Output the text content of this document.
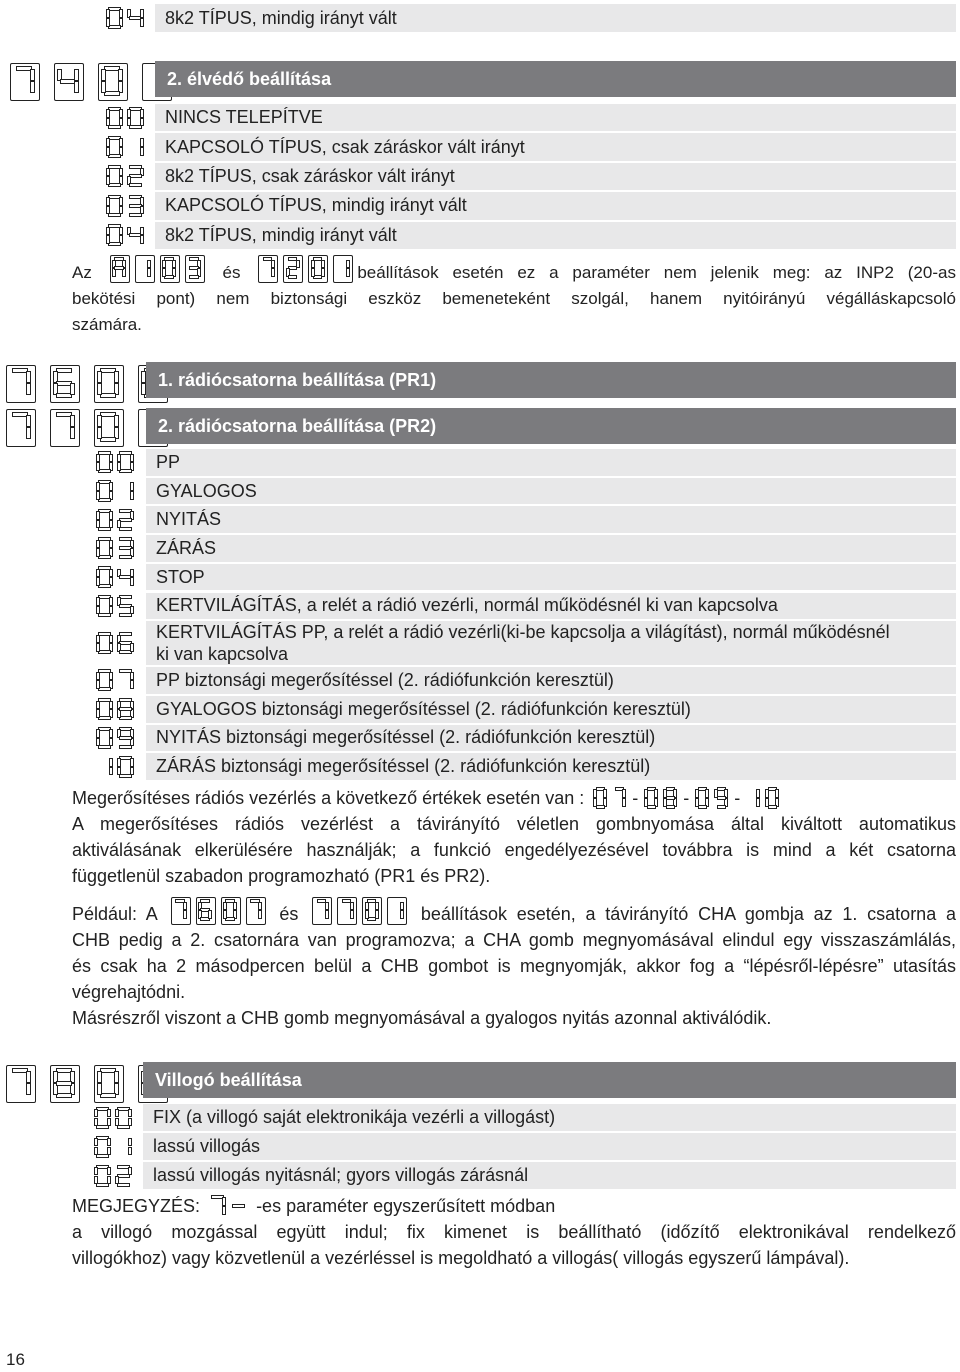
8k2 TÍPUS, mindig irányt vált
2. élvédő beállítása
NINCS TELEPÍTVE
KAPCSOLÓ TÍPUS, csak záráskor vált irányt
8k2 TÍPUS, csak záráskor vált irányt
KAPCSOLÓ TÍPUS, mindig irányt vált
8k2 TÍPUS, mindig irányt vált
Az	és	beállítások esetén ez a paraméter nem jelenik meg: az INP2 (20-as
bekötési pont) nem biztonsági eszköz bemeneteként szolgál, hanem nyitóirányú végálláskapcsoló
számára.
1. rádiócsatorna beállítása (PR1)
2. rádiócsatorna beállítása (PR2)
PP
GYALOGOS
NYITÁS
ZÁRÁS
STOP
KERTVILÁGÍTÁS, a relét a rádió vezérli, normál működésnél ki van kapcsolva
KERTVILÁGÍTÁS PP, a relét a rádió vezérli(ki-be kapcsolja a világítást), normál működésnél
ki van kapcsolva
PP biztonsági megerősítéssel (2. rádiófunkción keresztül)
GYALOGOS biztonsági megerősítéssel (2. rádiófunkción keresztül)
NYITÁS biztonsági megerősítéssel (2. rádiófunkción keresztül)
ZÁRÁS biztonsági megerősítéssel (2. rádiófunkción keresztül)
Megerősítéses rádiós vezérlés a következő értékek esetén van :	-	-	-
A megerősítéses rádiós vezérlést a távirányító véletlen gombnyomása által kiváltott automatikus
aktiválásának elkerülésére használják; a funkció engedélyezésével továbbra is mind a két csatorna
függetlenül szabadon programozható (PR1 és PR2).
Például: A	és	beállítások esetén, a távirányító CHA gombja az 1. csatorna a
CHB pedig a 2. csatornára van programozva; a CHA gomb megnyomásával elindul egy visszaszámlálás,
és csak ha 2 másodpercen belül a CHB gombot is megnyomják, akkor fog a “lépésről-lépésre” utasítás
végrehajtódni.
Másrészről viszont a CHB gomb megnyomásával a gyalogos nyitás azonnal aktiválódik.
Villogó beállítása
FIX (a villogó saját elektronikája vezérli a villogást)
lassú villogás
lassú villogás nyitásnál; gyors villogás zárásnál
MEGJEGYZÉS:	-es paraméter egyszerűsített módban
a villogó mozgással együtt indul; fix kimenet is beállítható (időzítő elektronikával rendelkező
villogókhoz) vagy közvetlenül a vezérléssel is megoldható a villogás( villogás egyszerű lámpával).
16
